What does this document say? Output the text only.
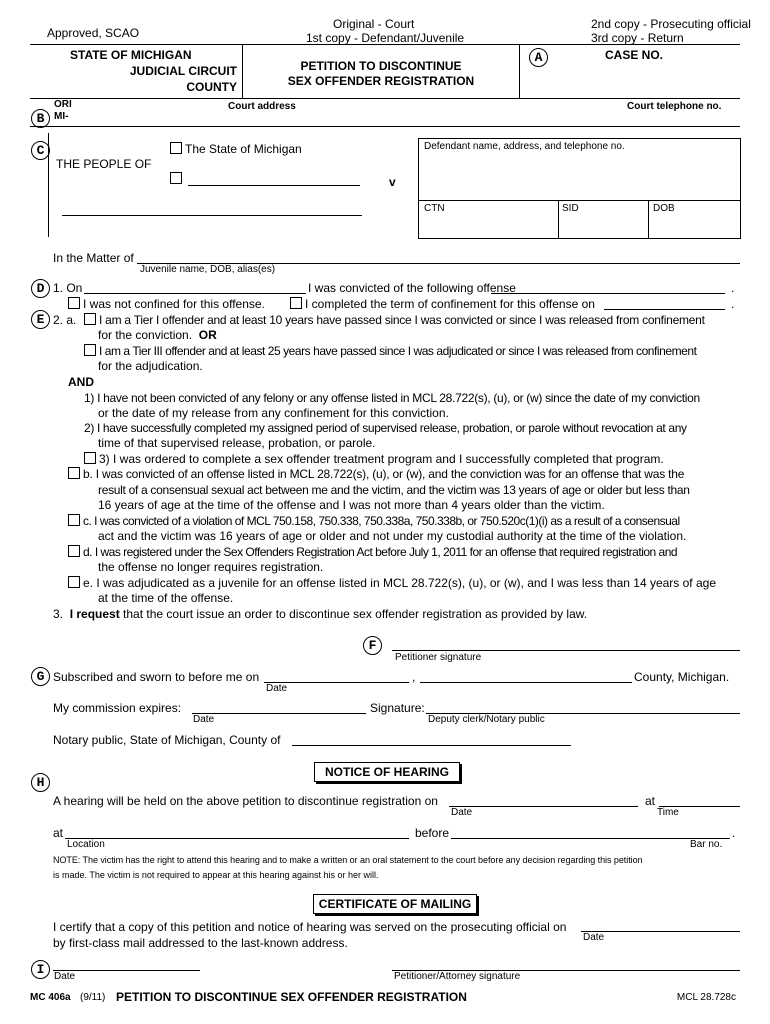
Approved, SCAO
Original - Court
1st copy - Defendant/Juvenile
2nd copy - Prosecuting official
3rd copy - Return
STATE OF MICHIGAN
JUDICIAL CIRCUIT
COUNTY
PETITION TO DISCONTINUE
SEX OFFENDER REGISTRATION
A	CASE NO.
ORI
MI-
B
Court address	Court telephone no.
C
THE PEOPLE OF
The State of Michigan
v
Defendant name, address, and telephone no.
CTN	SID	DOB
In the Matter of
Juvenile name, DOB, alias(es)
D 1. On	I was convicted of the following offense	.
I was not confined for this offense.	I completed the term of confinement for this offense on	.
E 2. a.	I am a Tier I offender and at least 10 years have passed since I was convicted or since I was released from confinement
for the conviction. OR
I am a Tier III offender and at least 25 years have passed since I was adjudicated or since I was released from confinement
for the adjudication.
AND
1) I have not been convicted of any felony or any offense listed in MCL 28.722(s), (u), or (w) since the date of my conviction
or the date of my release from any confinement for this conviction.
2) I have successfully completed my assigned period of supervised release, probation, or parole without revocation at any
time of that supervised release, probation, or parole.
3) I was ordered to complete a sex offender treatment program and I successfully completed that program.
b. I was convicted of an offense listed in MCL 28.722(s), (u), or (w), and the conviction was for an offense that was the
result of a consensual sexual act between me and the victim, and the victim was 13 years of age or older but less than
16 years of age at the time of the offense and I was not more than 4 years older than the victim.
c. I was convicted of a violation of MCL 750.158, 750.338, 750.338a, 750.338b, or 750.520c(1)(i) as a result of a consensual
act and the victim was 16 years of age or older and not under my custodial authority at the time of the violation.
d. I was registered under the Sex Offenders Registration Act before July 1, 2011 for an offense that required registration and
the offense no longer requires registration.
e. I was adjudicated as a juvenile for an offense listed in MCL 28.722(s), (u), or (w), and I was less than 14 years of age
at the time of the offense.
3. I request that the court issue an order to discontinue sex offender registration as provided by law.
F
Petitioner signature
G Subscribed and sworn to before me on	,	County, Michigan.
Date
My commission expires:	Signature:
Date	Deputy clerk/Notary public
Notary public, State of Michigan, County of
NOTICE OF HEARING
H
A hearing will be held on the above petition to discontinue registration on	at
Date	Time
at	before	.
Location	Bar no.
NOTE: The victim has the right to attend this hearing and to make a written or an oral statement to the court before any decision regarding this petition
is made. The victim is not required to appear at this hearing against his or her will.
CERTIFICATE OF MAILING
I certify that a copy of this petition and notice of hearing was served on the prosecuting official on
Date
by first-class mail addressed to the last-known address.
I Date	Petitioner/Attorney signature
MC 406a (9/11) PETITION TO DISCONTINUE SEX OFFENDER REGISTRATION	MCL 28.728c
